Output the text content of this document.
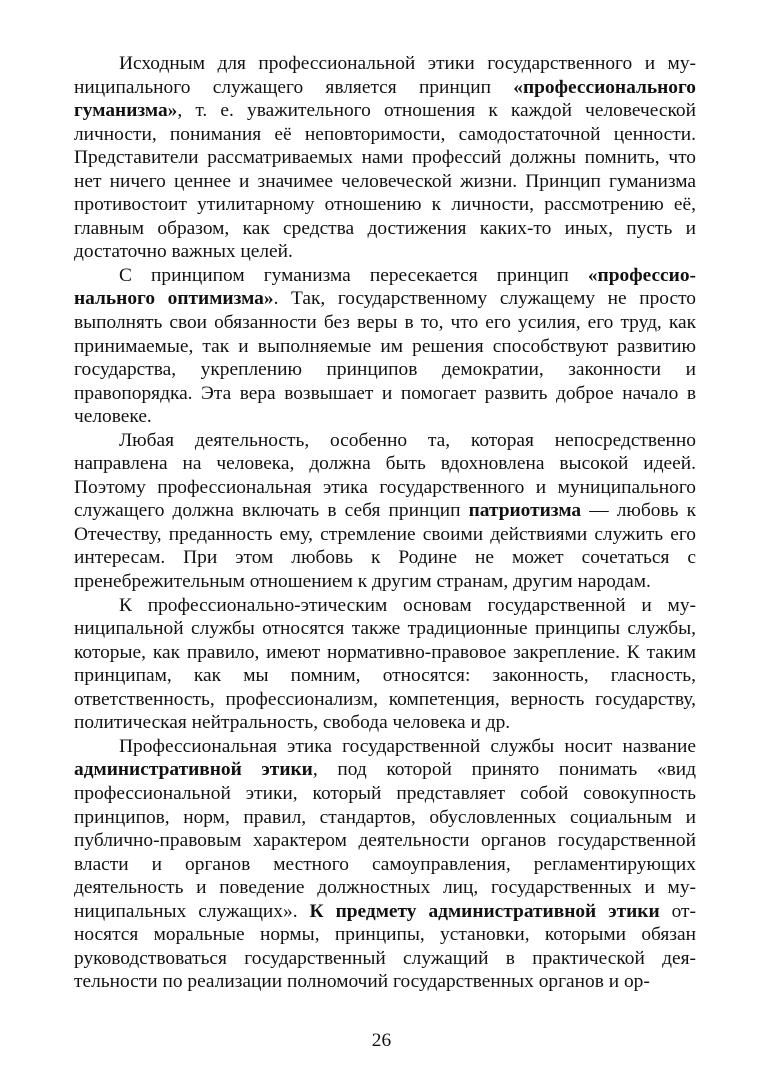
Исходным для профессиональной этики государственного и муниципального служащего является принцип «профессионального гуманизма», т. е. уважительного отношения к каждой человеческой личности, понимания её неповторимости, самодостаточной ценности. Представители рассматриваемых нами профессий должны помнить, что нет ничего ценнее и значимее человеческой жизни. Принцип гуманизма противостоит утилитарному отношению к личности, рассмотрению её, главным образом, как средства достижения каких-то иных, пусть и достаточно важных целей.

С принципом гуманизма пересекается принцип «профессионального оптимизма». Так, государственному служащему не просто выполнять свои обязанности без веры в то, что его усилия, его труд, как принимаемые, так и выполняемые им решения способствуют развитию государства, укреплению принципов демократии, законности и правопорядка. Эта вера возвышает и помогает развить доброе начало в человеке.

Любая деятельность, особенно та, которая непосредственно направлена на человека, должна быть вдохновлена высокой идеей. Поэтому профессиональная этика государственного и муниципального служащего должна включать в себя принцип патриотизма — любовь к Отечеству, преданность ему, стремление своими действиями служить его интересам. При этом любовь к Родине не может сочетаться с пренебрежительным отношением к другим странам, другим народам.

К профессионально-этическим основам государственной и муниципальной службы относятся также традиционные принципы службы, которые, как правило, имеют нормативно-правовое закрепление. К таким принципам, как мы помним, относятся: законность, гласность, ответственность, профессионализм, компетенция, верность государству, политическая нейтральность, свобода человека и др.

Профессиональная этика государственной службы носит название административной этики, под которой принято понимать «вид профессиональной этики, который представляет собой совокупность принципов, норм, правил, стандартов, обусловленных социальным и публично-правовым характером деятельности органов государственной власти и органов местного самоуправления, регламентирующих деятельность и поведение должностных лиц, государственных и муниципальных служащих». К предмету административной этики относятся моральные нормы, принципы, установки, которыми обязан руководствоваться государственный служащий в практической деятельности по реализации полномочий государственных органов и ор-

26
